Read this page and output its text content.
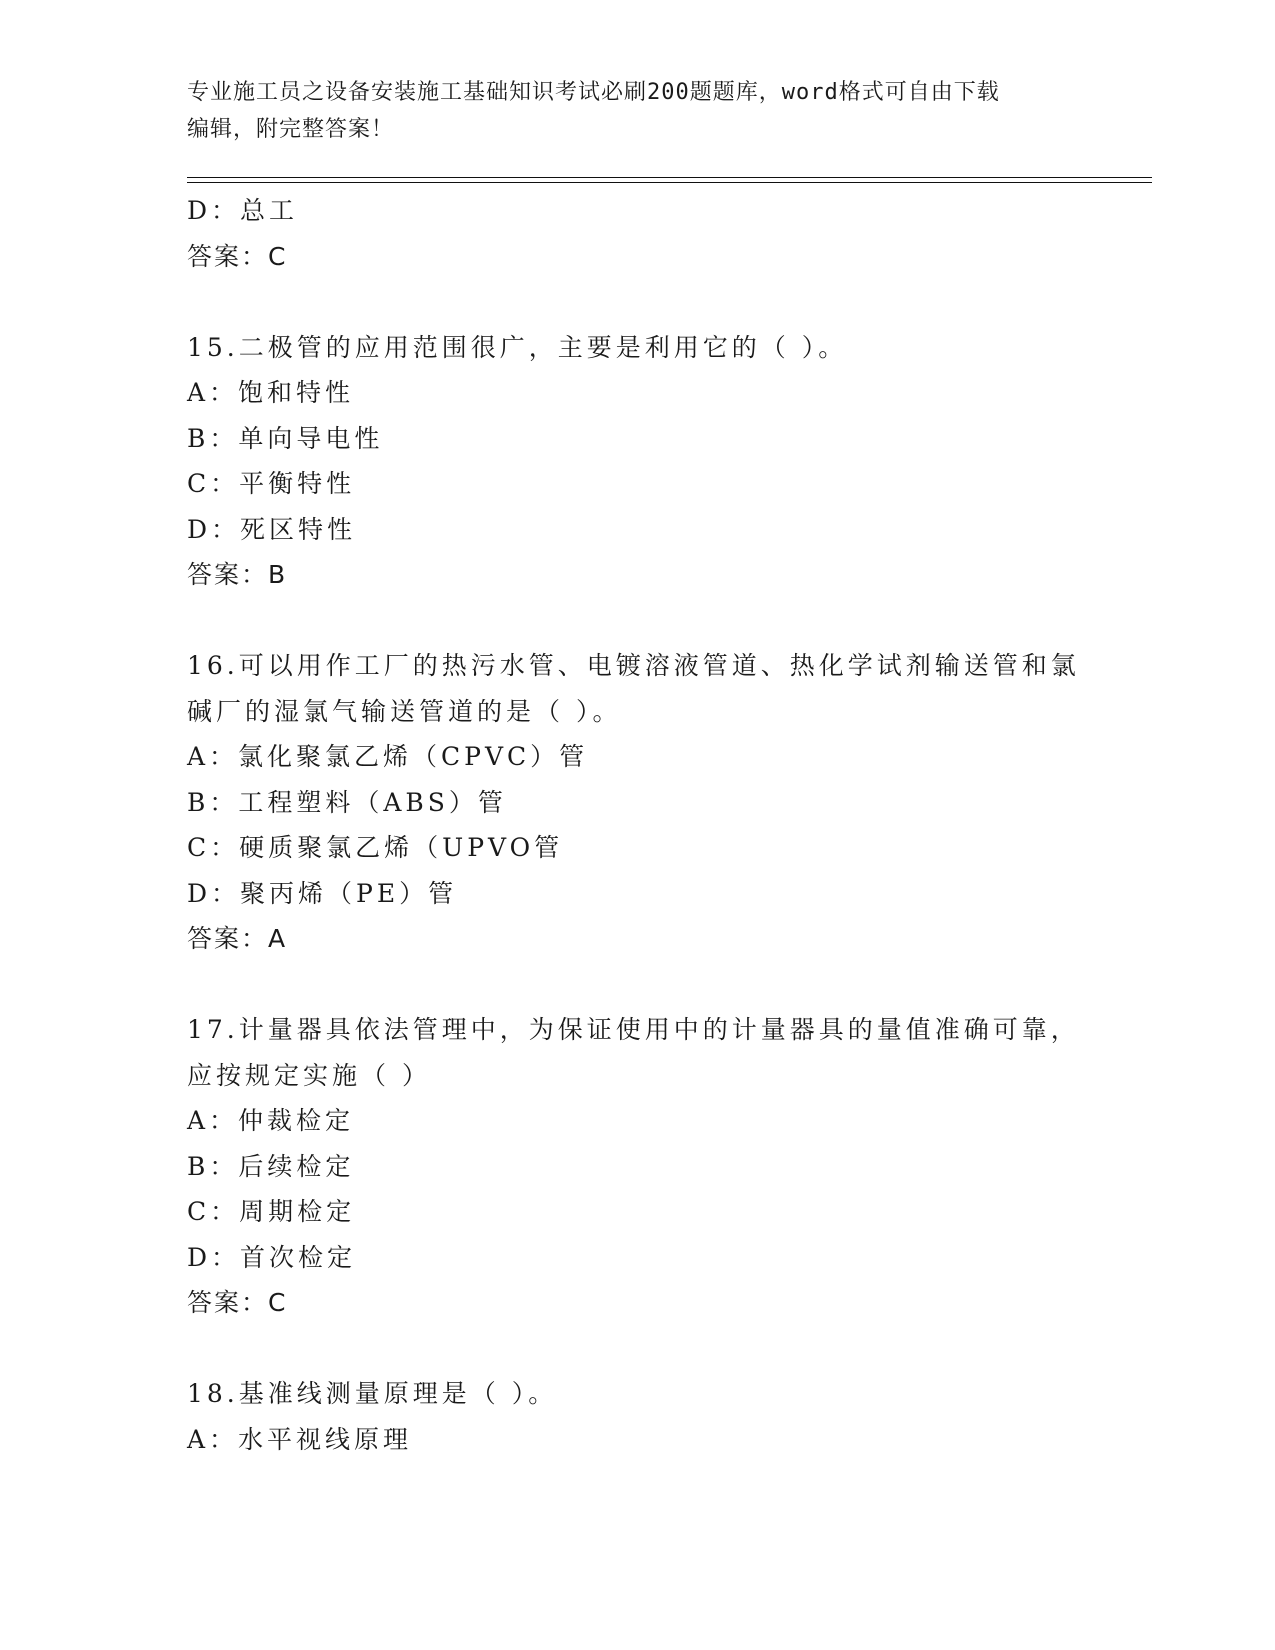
专业施工员之设备安装施工基础知识考试必刷200题题库，word格式可自由下载
编辑，附完整答案！
D：总工
答案：C
15.二极管的应用范围很广，主要是利用它的（ ）。
A：饱和特性
B：单向导电性
C：平衡特性
D：死区特性
答案：B
16.可以用作工厂的热污水管、电镀溶液管道、热化学试剂输送管和氯
碱厂的湿氯气输送管道的是（ ）。
A：氯化聚氯乙烯（CPVC）管
B：工程塑料（ABS）管
C：硬质聚氯乙烯（UPVO管
D：聚丙烯（PE）管
答案：A
17.计量器具依法管理中，为保证使用中的计量器具的量值准确可靠，
应按规定实施（ ）
A：仲裁检定
B：后续检定
C：周期检定
D：首次检定
答案：C
18.基准线测量原理是（ ）。
A：水平视线原理
